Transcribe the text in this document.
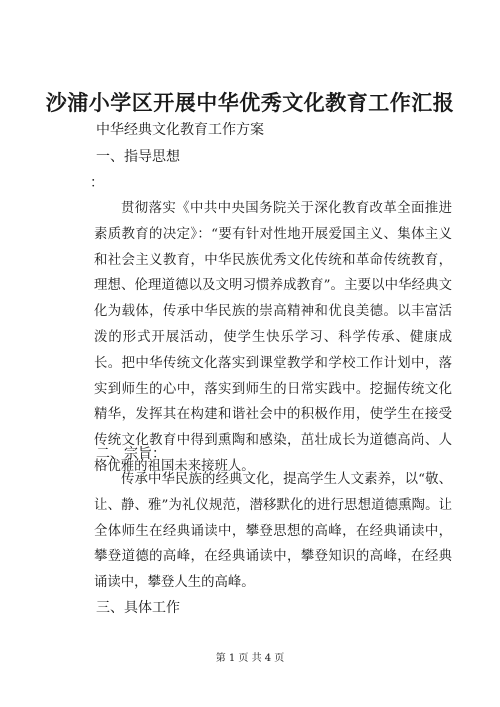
沙浦小学区开展中华优秀文化教育工作汇报
中华经典文化教育工作方案
一、指导思想
：

贯彻落实《中共中央国务院关于深化教育改革全面推进素质教育的决定》：“要有针对性地开展爱国主义、集体主义和社会主义教育，中华民族优秀文化传统和革命传统教育，理想、伦理道德以及文明习惯养成教育”。主要以中华经典文化为载体，传承中华民族的崇高精神和优良美德。以丰富活泼的形式开展活动，使学生快乐学习、科学传承、健康成长。把中华传统文化落实到课堂教学和学校工作计划中，落实到师生的心中，落实到师生的日常实践中。挖掘传统文化精华，发挥其在构建和谐社会中的积极作用，使学生在接受传统文化教育中得到熏陶和感染，茁壮成长为道德高尚、人格优雅的祖国未来接班人。

二、宗旨：

传承中华民族的经典文化，提高学生人文素养，以“敬、让、静、雅”为礼仪规范，潜移默化的进行思想道德熏陶。让全体师生在经典诵读中，攀登思想的高峰，在经典诵读中，攀登道德的高峰，在经典诵读中，攀登知识的高峰，在经典诵读中，攀登人生的高峰。

三、具体工作
第 1 页 共 4 页
